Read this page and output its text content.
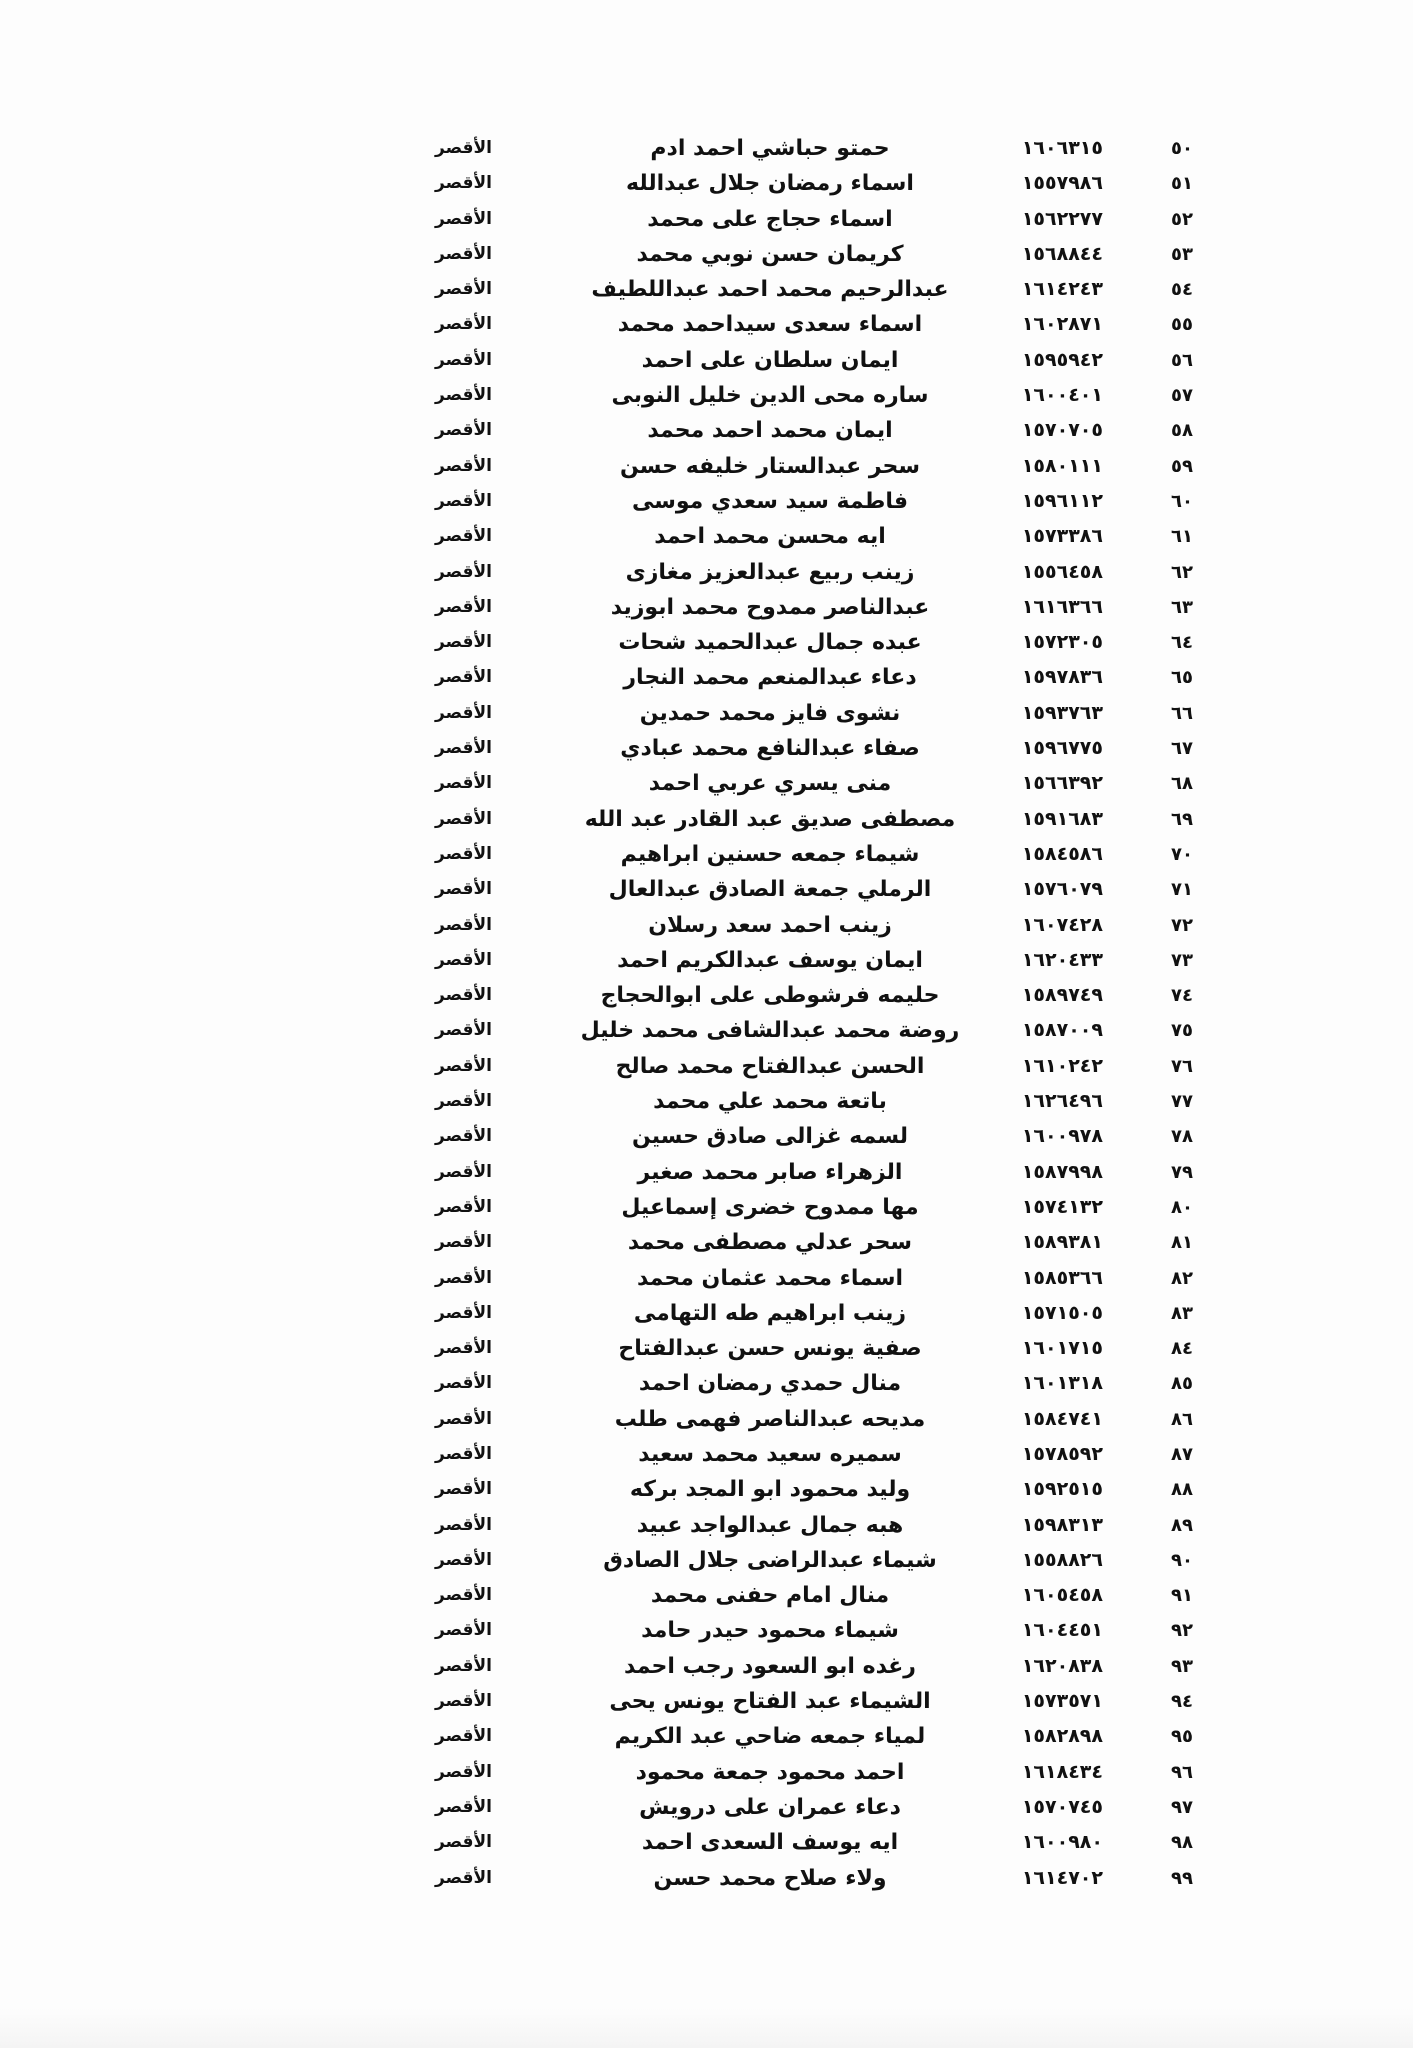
٥٠
١٦٠٦٣١٥
حمتو حباشي احمد ادم
الأقصر
٥١
١٥٥٧٩٨٦
اسماء رمضان جلال عبدالله
الأقصر
٥٢
١٥٦٢٢٧٧
اسماء حجاج على محمد
الأقصر
٥٣
١٥٦٨٨٤٤
كريمان حسن نوبي محمد
الأقصر
٥٤
١٦١٤٢٤٣
عبدالرحيم محمد احمد عبداللطيف
الأقصر
٥٥
١٦٠٢٨٧١
اسماء سعدى سيداحمد محمد
الأقصر
٥٦
١٥٩٥٩٤٢
ايمان سلطان على احمد
الأقصر
٥٧
١٦٠٠٤٠١
ساره محى الدين خليل النوبى
الأقصر
٥٨
١٥٧٠٧٠٥
ايمان محمد احمد محمد
الأقصر
٥٩
١٥٨٠١١١
سحر عبدالستار خليفه حسن
الأقصر
٦٠
١٥٩٦١١٢
فاطمة سيد سعدي موسى
الأقصر
٦١
١٥٧٣٣٨٦
ايه محسن محمد احمد
الأقصر
٦٢
١٥٥٦٤٥٨
زينب ربيع عبدالعزيز مغازى
الأقصر
٦٣
١٦١٦٣٦٦
عبدالناصر ممدوح محمد ابوزيد
الأقصر
٦٤
١٥٧٢٣٠٥
عبده جمال عبدالحميد شحات
الأقصر
٦٥
١٥٩٧٨٣٦
دعاء عبدالمنعم محمد النجار
الأقصر
٦٦
١٥٩٣٧٦٣
نشوى فايز محمد حمدين
الأقصر
٦٧
١٥٩٦٧٧٥
صفاء عبدالنافع محمد عبادي
الأقصر
٦٨
١٥٦٦٣٩٢
منى يسري عربي احمد
الأقصر
٦٩
١٥٩١٦٨٣
مصطفى صديق عبد القادر عبد الله
الأقصر
٧٠
١٥٨٤٥٨٦
شيماء جمعه حسنين ابراهيم
الأقصر
٧١
١٥٧٦٠٧٩
الرملي جمعة الصادق عبدالعال
الأقصر
٧٢
١٦٠٧٤٢٨
زينب احمد سعد رسلان
الأقصر
٧٣
١٦٢٠٤٣٣
ايمان يوسف عبدالكريم احمد
الأقصر
٧٤
١٥٨٩٧٤٩
حليمه فرشوطى على ابوالحجاج
الأقصر
٧٥
١٥٨٧٠٠٩
روضة محمد عبدالشافى محمد خليل
الأقصر
٧٦
١٦١٠٢٤٢
الحسن عبدالفتاح محمد صالح
الأقصر
٧٧
١٦٢٦٤٩٦
باتعة محمد علي محمد
الأقصر
٧٨
١٦٠٠٩٧٨
لسمه غزالى صادق حسين
الأقصر
٧٩
١٥٨٧٩٩٨
الزهراء صابر محمد صغير
الأقصر
٨٠
١٥٧٤١٣٢
مها ممدوح خضرى إسماعيل
الأقصر
٨١
١٥٨٩٣٨١
سحر عدلي مصطفى محمد
الأقصر
٨٢
١٥٨٥٣٦٦
اسماء محمد عثمان محمد
الأقصر
٨٣
١٥٧١٥٠٥
زينب ابراهيم طه التهامى
الأقصر
٨٤
١٦٠١٧١٥
صفية يونس حسن عبدالفتاح
الأقصر
٨٥
١٦٠١٣١٨
منال حمدي رمضان احمد
الأقصر
٨٦
١٥٨٤٧٤١
مديحه عبدالناصر فهمى طلب
الأقصر
٨٧
١٥٧٨٥٩٢
سميره سعيد محمد سعيد
الأقصر
٨٨
١٥٩٢٥١٥
وليد محمود ابو المجد بركه
الأقصر
٨٩
١٥٩٨٣١٣
هبه جمال عبدالواجد عبيد
الأقصر
٩٠
١٥٥٨٨٢٦
شيماء عبدالراضى جلال الصادق
الأقصر
٩١
١٦٠٥٤٥٨
منال امام حفنى محمد
الأقصر
٩٢
١٦٠٤٤٥١
شيماء محمود حيدر حامد
الأقصر
٩٣
١٦٢٠٨٣٨
رغده ابو السعود رجب احمد
الأقصر
٩٤
١٥٧٣٥٧١
الشيماء عبد الفتاح يونس يحى
الأقصر
٩٥
١٥٨٢٨٩٨
لمياء جمعه ضاحي عبد الكريم
الأقصر
٩٦
١٦١٨٤٣٤
احمد محمود جمعة محمود
الأقصر
٩٧
١٥٧٠٧٤٥
دعاء عمران على درويش
الأقصر
٩٨
١٦٠٠٩٨٠
ايه يوسف السعدى احمد
الأقصر
٩٩
١٦١٤٧٠٢
ولاء صلاح محمد حسن
الأقصر
